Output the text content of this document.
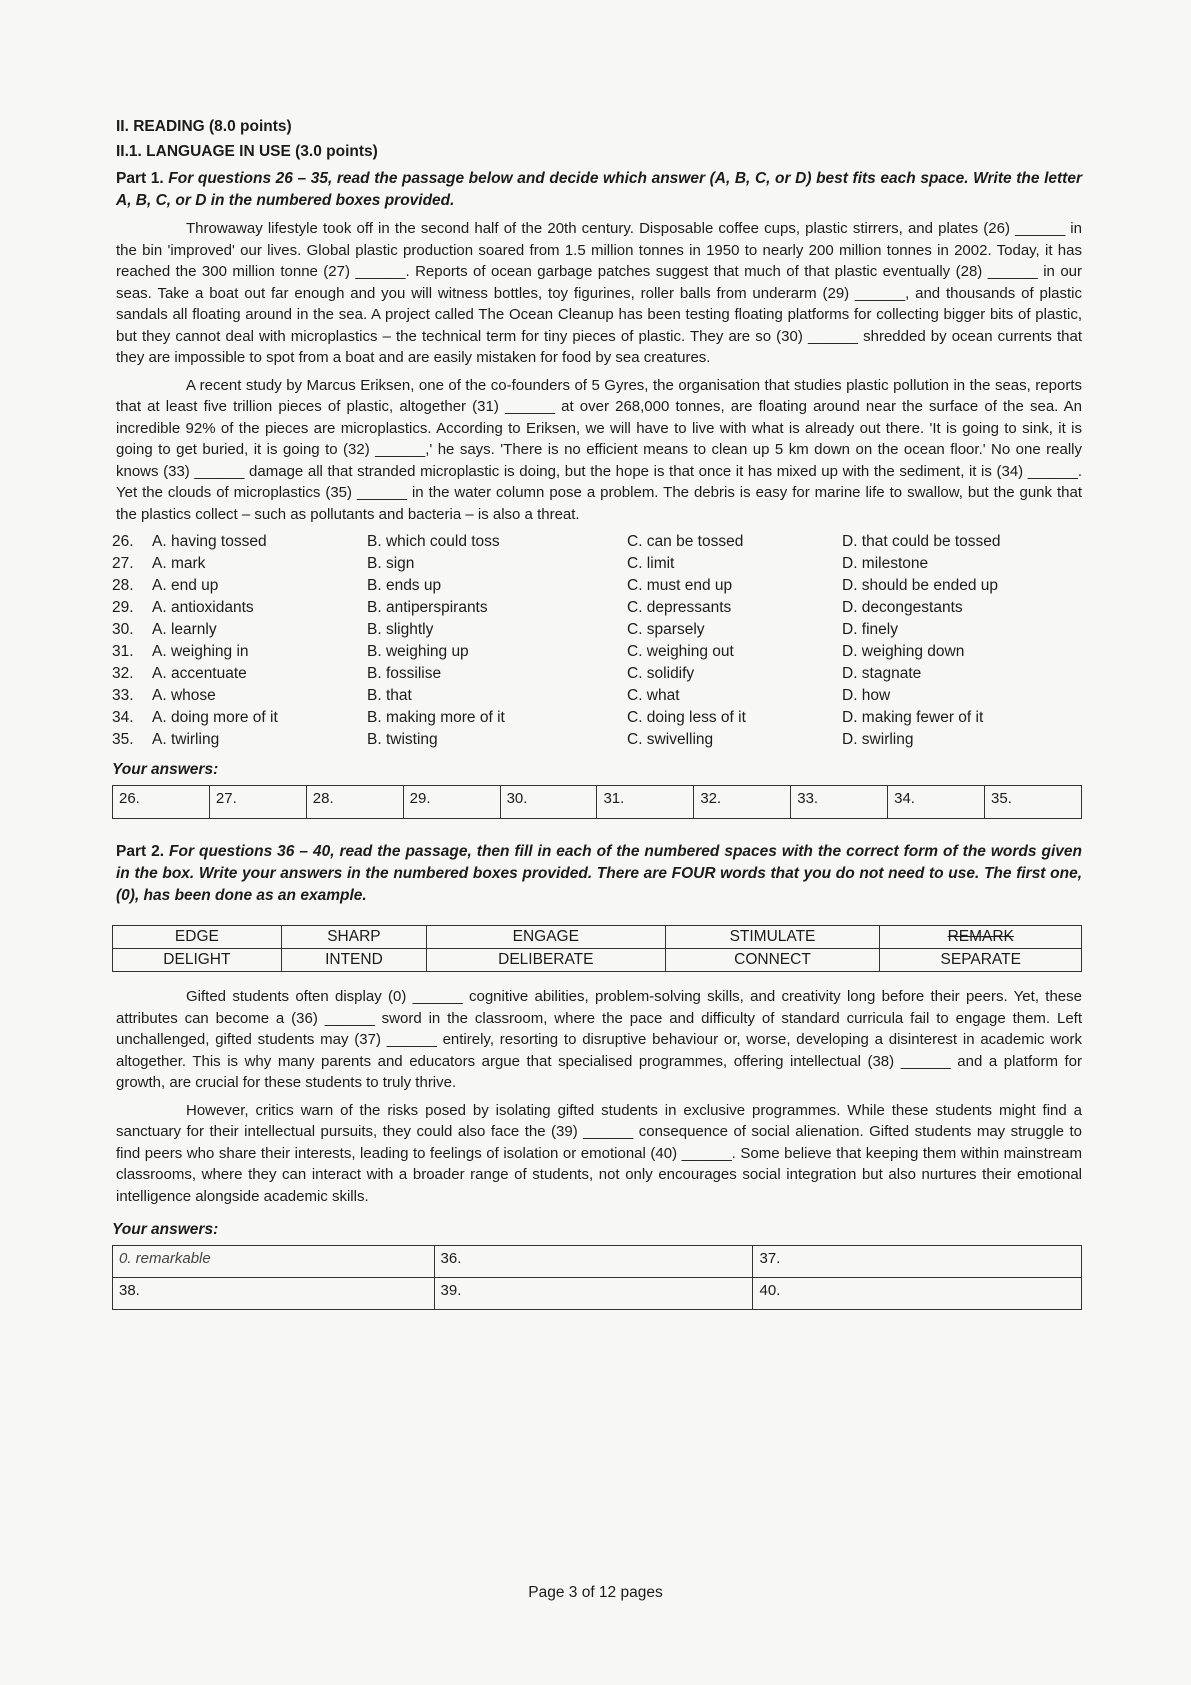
II. READING (8.0 points)
II.1. LANGUAGE IN USE (3.0 points)
Part 1. For questions 26 – 35, read the passage below and decide which answer (A, B, C, or D) best fits each space. Write the letter A, B, C, or D in the numbered boxes provided.

Throwaway lifestyle took off in the second half of the 20th century. Disposable coffee cups, plastic stirrers, and plates (26) ______ in the bin 'improved' our lives. Global plastic production soared from 1.5 million tonnes in 1950 to nearly 200 million tonnes in 2002. Today, it has reached the 300 million tonne (27) ______. Reports of ocean garbage patches suggest that much of that plastic eventually (28) ______ in our seas. Take a boat out far enough and you will witness bottles, toy figurines, roller balls from underarm (29) ______, and thousands of plastic sandals all floating around in the sea. A project called The Ocean Cleanup has been testing floating platforms for collecting bigger bits of plastic, but they cannot deal with microplastics – the technical term for tiny pieces of plastic. They are so (30) ______ shredded by ocean currents that they are impossible to spot from a boat and are easily mistaken for food by sea creatures.

A recent study by Marcus Eriksen, one of the co-founders of 5 Gyres, the organisation that studies plastic pollution in the seas, reports that at least five trillion pieces of plastic, altogether (31) ______ at over 268,000 tonnes, are floating around near the surface of the sea. An incredible 92% of the pieces are microplastics. According to Eriksen, we will have to live with what is already out there. 'It is going to sink, it is going to get buried, it is going to (32) ______,' he says. 'There is no efficient means to clean up 5 km down on the ocean floor.' No one really knows (33) ______ damage all that stranded microplastic is doing, but the hope is that once it has mixed up with the sediment, it is (34) ______. Yet the clouds of microplastics (35) ______ in the water column pose a problem. The debris is easy for marine life to swallow, but the gunk that the plastics collect – such as pollutants and bacteria – is also a threat.

26.	A. having tossed	B. which could toss	C. can be tossed	D. that could be tossed
27.	A. mark	B. sign	C. limit	D. milestone
28.	A. end up	B. ends up	C. must end up	D. should be ended up
29.	A. antioxidants	B. antiperspirants	C. depressants	D. decongestants
30.	A. learnly	B. slightly	C. sparsely	D. finely
31.	A. weighing in	B. weighing up	C. weighing out	D. weighing down
32.	A. accentuate	B. fossilise	C. solidify	D. stagnate
33.	A. whose	B. that	C. what	D. how
34.	A. doing more of it	B. making more of it	C. doing less of it	D. making fewer of it
35.	A. twirling	B. twisting	C. swivelling	D. swirling
Your answers:
26.	27.	28.	29.	30.	31.	32.	33.	34.	35.
Part 2. For questions 36 – 40, read the passage, then fill in each of the numbered spaces with the correct form of the words given in the box. Write your answers in the numbered boxes provided. There are FOUR words that you do not need to use. The first one, (0), has been done as an example.
EDGE	SHARP	ENGAGE	STIMULATE	REMARK
DELIGHT	INTEND	DELIBERATE	CONNECT	SEPARATE

Gifted students often display (0) ______ cognitive abilities, problem-solving skills, and creativity long before their peers. Yet, these attributes can become a (36) ______ sword in the classroom, where the pace and difficulty of standard curricula fail to engage them. Left unchallenged, gifted students may (37) ______ entirely, resorting to disruptive behaviour or, worse, developing a disinterest in academic work altogether. This is why many parents and educators argue that specialised programmes, offering intellectual (38) ______ and a platform for growth, are crucial for these students to truly thrive.

However, critics warn of the risks posed by isolating gifted students in exclusive programmes. While these students might find a sanctuary for their intellectual pursuits, they could also face the (39) ______ consequence of social alienation. Gifted students may struggle to find peers who share their interests, leading to feelings of isolation or emotional (40) ______. Some believe that keeping them within mainstream classrooms, where they can interact with a broader range of students, not only encourages social integration but also nurtures their emotional intelligence alongside academic skills.

Your answers:
0. remarkable	36.	37.
38.	39.	40.
Page 3 of 12 pages
